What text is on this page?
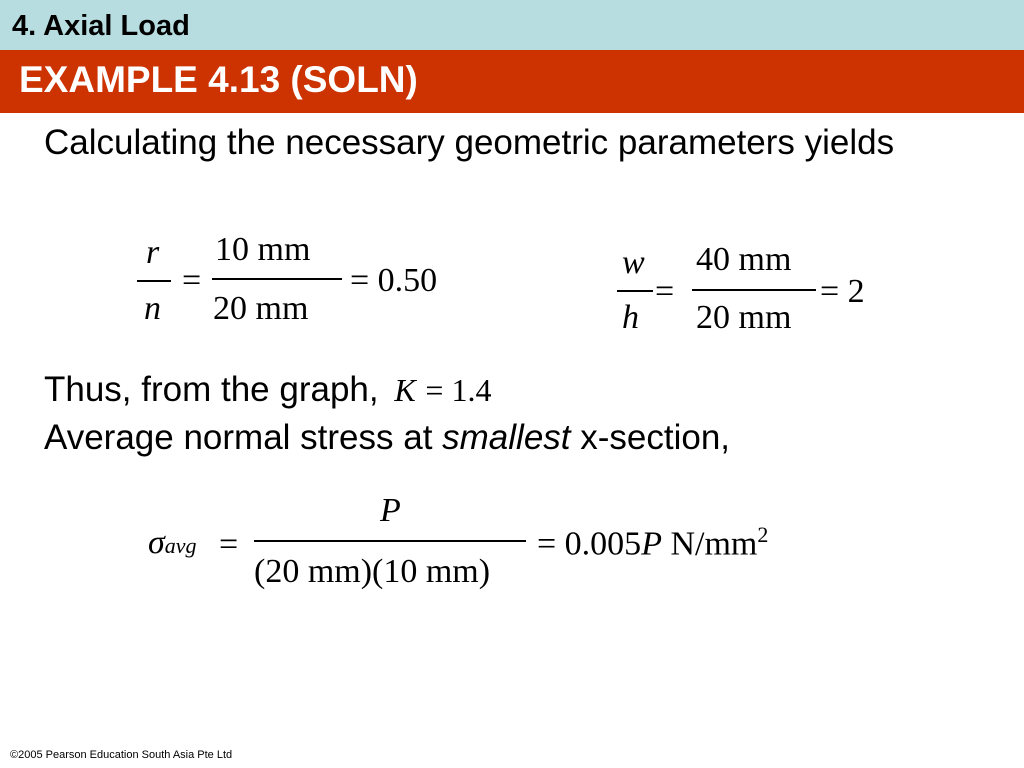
4. Axial Load
EXAMPLE 4.13 (SOLN)
Calculating the necessary geometric parameters yields
r
n
=
10 mm
20 mm
= 0.50	w
h
=
40 mm
20 mm
= 2
Thus, from the graph, K = 1.4
Average normal stress at smallest x-section,
σavg =
P
(20 mm)(10 mm)
= 0.005P $N/mm^2$
©2005 Pearson Education South Asia Pte Ltd
